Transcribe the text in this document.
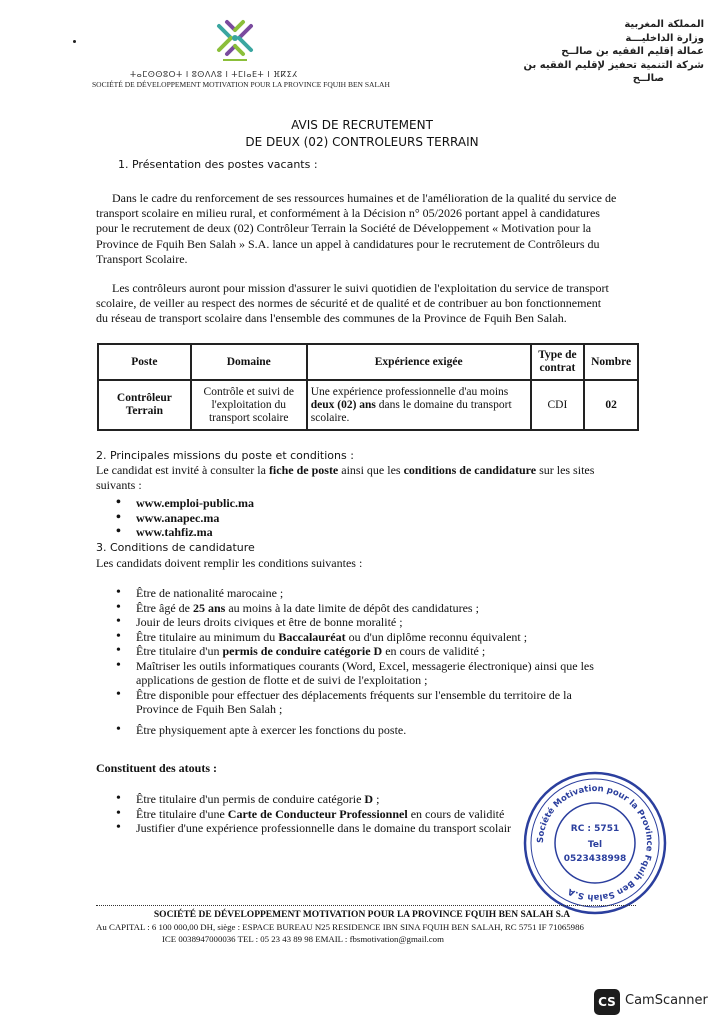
ⵜⴰⵎⵙⵙⵓⵔⵜ ⵏ ⵓⵙⴷⴷⵓ ⵏ ⵜⵎⵏⴰⴹⵜ ⵏ ⴼⴽⵉⵃ
SOCIÉTÉ DE DÉVELOPPEMENT MOTIVATION POUR LA PROVINCE FQUIH BEN SALAH
المملكة المغربية
وزارة الداخليـــة
عمالة إقليم الفقيه بن صالــح
شركة التنمية تحفيز لإقليم الفقيه بن
صالــح
AVIS DE RECRUTEMENT
DE DEUX (02) CONTROLEURS TERRAIN
1. Présentation des postes vacants :
Dans le cadre du renforcement de ses ressources humaines et de l'amélioration de la qualité du service de
transport scolaire en milieu rural, et conformément à la Décision n° 05/2026 portant appel à candidatures
pour le recrutement de deux (02) Contrôleur Terrain la Société de Développement « Motivation pour la
Province de Fquih Ben Salah » S.A. lance un appel à candidatures pour le recrutement de Contrôleurs du
Transport Scolaire.
Les contrôleurs auront pour mission d'assurer le suivi quotidien de l'exploitation du service de transport
scolaire, de veiller au respect des normes de sécurité et de qualité et de contribuer au bon fonctionnement
du réseau de transport scolaire dans l'ensemble des communes de la Province de Fquih Ben Salah.
Poste	Domaine	Expérience exigée	Type de contrat	Nombre
Contrôleur Terrain	Contrôle et suivi de l'exploitation du transport scolaire	Une expérience professionnelle d'au moins
deux (02) ans dans le domaine du transport scolaire.	CDI	02
2. Principales missions du poste et conditions :
Le candidat est invité à consulter la fiche de poste ainsi que les conditions de candidature sur les sites
suivants :
• www.emploi-public.ma
• www.anapec.ma
• www.tahfiz.ma
3. Conditions de candidature
Les candidats doivent remplir les conditions suivantes :
• Être de nationalité marocaine ;
• Être âgé de 25 ans au moins à la date limite de dépôt des candidatures ;
• Jouir de leurs droits civiques et être de bonne moralité ;
• Être titulaire au minimum du Baccalauréat ou d'un diplôme reconnu équivalent ;
• Être titulaire d'un permis de conduire catégorie D en cours de validité ;
• Maîtriser les outils informatiques courants (Word, Excel, messagerie électronique) ainsi que les
applications de gestion de flotte et de suivi de l'exploitation ;
• Être disponible pour effectuer des déplacements fréquents sur l'ensemble du territoire de la
Province de Fquih Ben Salah ;
• Être physiquement apte à exercer les fonctions du poste.
Constituent des atouts :
• Être titulaire d'un permis de conduire catégorie D ;
• Être titulaire d'une Carte de Conducteur Professionnel en cours de validité
• Justifier d'une expérience professionnelle dans le domaine du transport scolair
Société Motivation pour la Province Fquih Ben Salah S.A
RC : 5751
Tel
0523438998
SOCIÉTÉ DE DÉVELOPPEMENT MOTIVATION POUR LA PROVINCE FQUIH BEN SALAH S.A
Au CAPITAL : 6 100 000,00 DH, siège : ESPACE BUREAU N25 RESIDENCE IBN SINA FQUIH BEN SALAH, RC 5751 IF 71065986
ICE 0038947000036 TEL : 05 23 43 89 98 EMAIL : fbsmotivation@gmail.com
CS CamScanner
